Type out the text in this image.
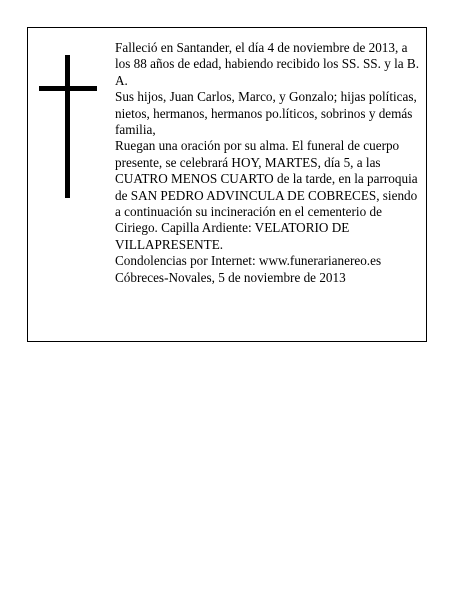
Falleció en Santander, el día 4 de noviembre de 2013, a los 88 años de edad, habiendo recibido los SS. SS. y la B. A.

Sus hijos, Juan Carlos, Marco, y Gonzalo; hijas políticas, nietos, hermanos, hermanos po.líticos, sobrinos y demás familia,

Ruegan una oración por su alma. El funeral de cuerpo presente, se celebrará HOY, MARTES, día 5, a las CUATRO MENOS CUARTO de la tarde, en la parroquia de SAN PEDRO ADVINCULA DE COBRECES, siendo a continuación su incineración en el cementerio de Ciriego. Capilla Ardiente: VELATORIO DE VILLAPRESENTE.

Condolencias por Internet: www.funerarianereo.es

Cóbreces-Novales, 5 de noviembre de 2013
